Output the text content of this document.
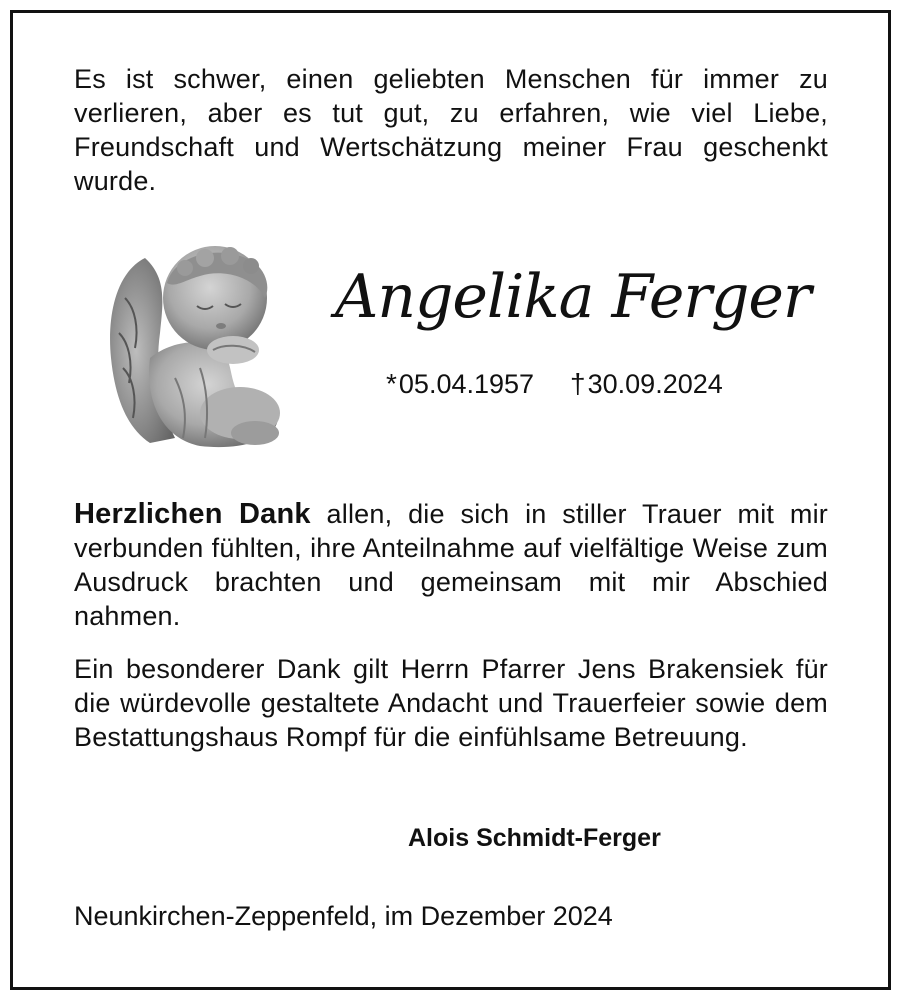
Es ist schwer, einen geliebten Menschen für immer zu verlieren, aber es tut gut, zu erfahren, wie viel Liebe, Freundschaft und Wertschätzung meiner Frau geschenkt wurde.

Angelika Ferger
*05.04.1957 †30.09.2024

Herzlichen Dank allen, die sich in stiller Trauer mit mir verbunden fühlten, ihre Anteilnahme auf vielfältige Weise zum Ausdruck brachten und gemeinsam mit mir Abschied nahmen.

Ein besonderer Dank gilt Herrn Pfarrer Jens Brakensiek für die würdevolle gestaltete Andacht und Trauerfeier sowie dem Bestattungshaus Rompf für die einfühlsame Betreuung.

Alois Schmidt-Ferger
Neunkirchen-Zeppenfeld, im Dezember 2024
